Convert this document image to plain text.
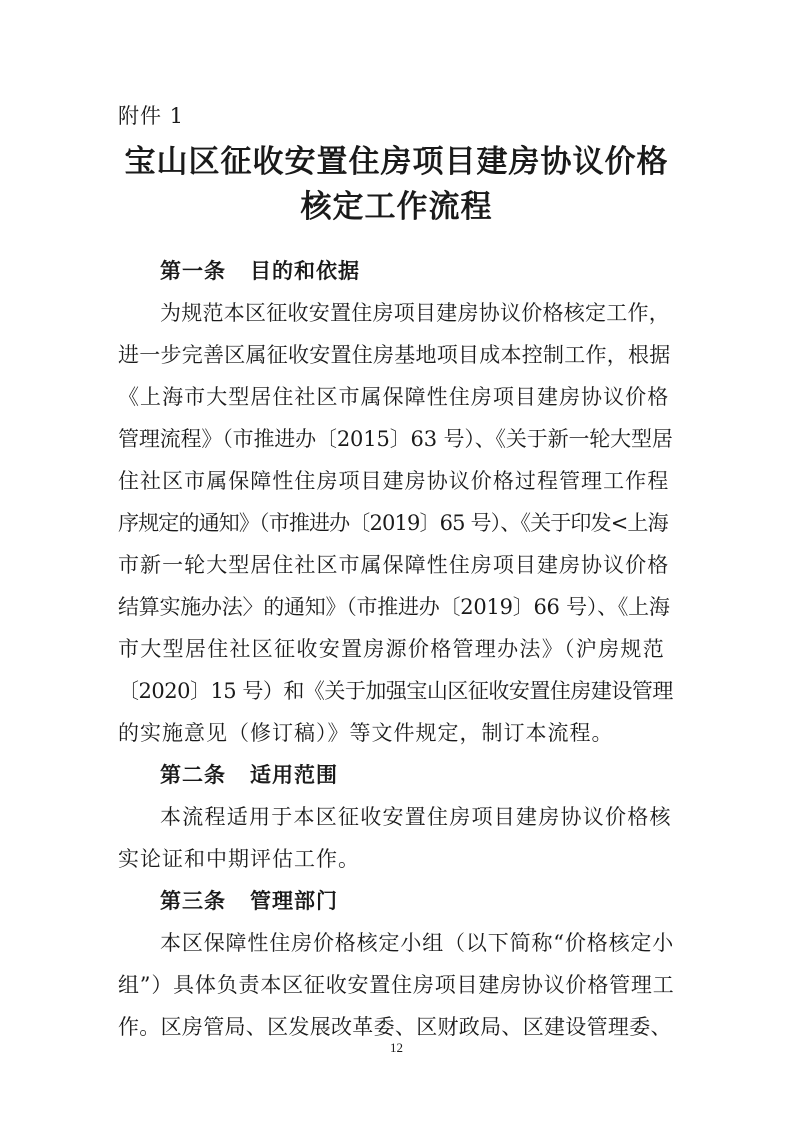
附件 1
宝山区征收安置住房项目建房协议价格
核定工作流程
第一条 目的和依据
为规范本区征收安置住房项目建房协议价格核定工作，
进一步完善区属征收安置住房基地项目成本控制工作，根据
《上海市大型居住社区市属保障性住房项目建房协议价格
管理流程》（市推进办〔2015〕63 号）、《关于新一轮大型居
住社区市属保障性住房项目建房协议价格过程管理工作程
序规定的通知》（市推进办〔2019〕65 号）、《关于印发<上海
市新一轮大型居住社区市属保障性住房项目建房协议价格
结算实施办法〉的通知》（市推进办〔2019〕66 号）、《上海
市大型居住社区征收安置房源价格管理办法》（沪房规范
〔2020〕15 号）和《关于加强宝山区征收安置住房建设管理
的实施意见（修订稿）》等文件规定，制订本流程。
第二条 适用范围
本流程适用于本区征收安置住房项目建房协议价格核
实论证和中期评估工作。
第三条 管理部门
本区保障性住房价格核定小组（以下简称“价格核定小
组”）具体负责本区征收安置住房项目建房协议价格管理工
作。区房管局、区发展改革委、区财政局、区建设管理委、
12
